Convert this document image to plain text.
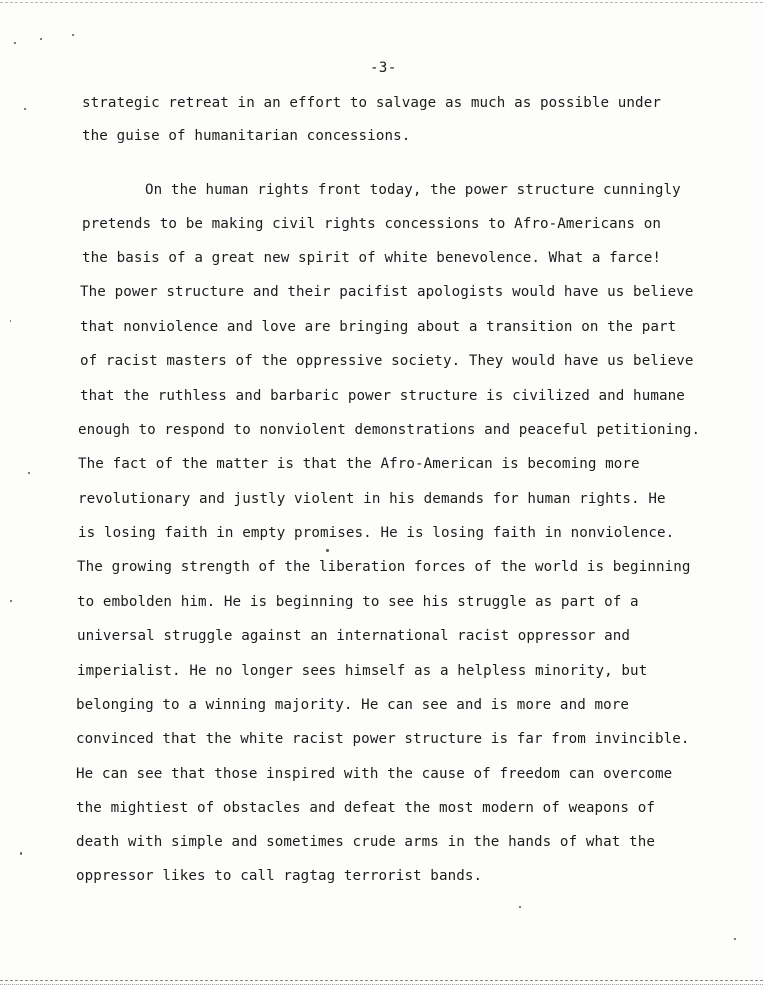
-3-
strategic retreat in an effort to salvage as much as possible under
the guise of humanitarian concessions.
On the human rights front today, the power structure cunningly
pretends to be making civil rights concessions to Afro-Americans on
the basis of a great new spirit of white benevolence. What a farce!
The power structure and their pacifist apologists would have us believe
that nonviolence and love are bringing about a transition on the part
of racist masters of the oppressive society. They would have us believe
that the ruthless and barbaric power structure is civilized and humane
enough to respond to nonviolent demonstrations and peaceful petitioning.
The fact of the matter is that the Afro-American is becoming more
revolutionary and justly violent in his demands for human rights. He
is losing faith in empty promises. He is losing faith in nonviolence.
The growing strength of the liberation forces of the world is beginning
to embolden him. He is beginning to see his struggle as part of a
universal struggle against an international racist oppressor and
imperialist. He no longer sees himself as a helpless minority, but
belonging to a winning majority. He can see and is more and more
convinced that the white racist power structure is far from invincible.
He can see that those inspired with the cause of freedom can overcome
the mightiest of obstacles and defeat the most modern of weapons of
death with simple and sometimes crude arms in the hands of what the
oppressor likes to call ragtag terrorist bands.
